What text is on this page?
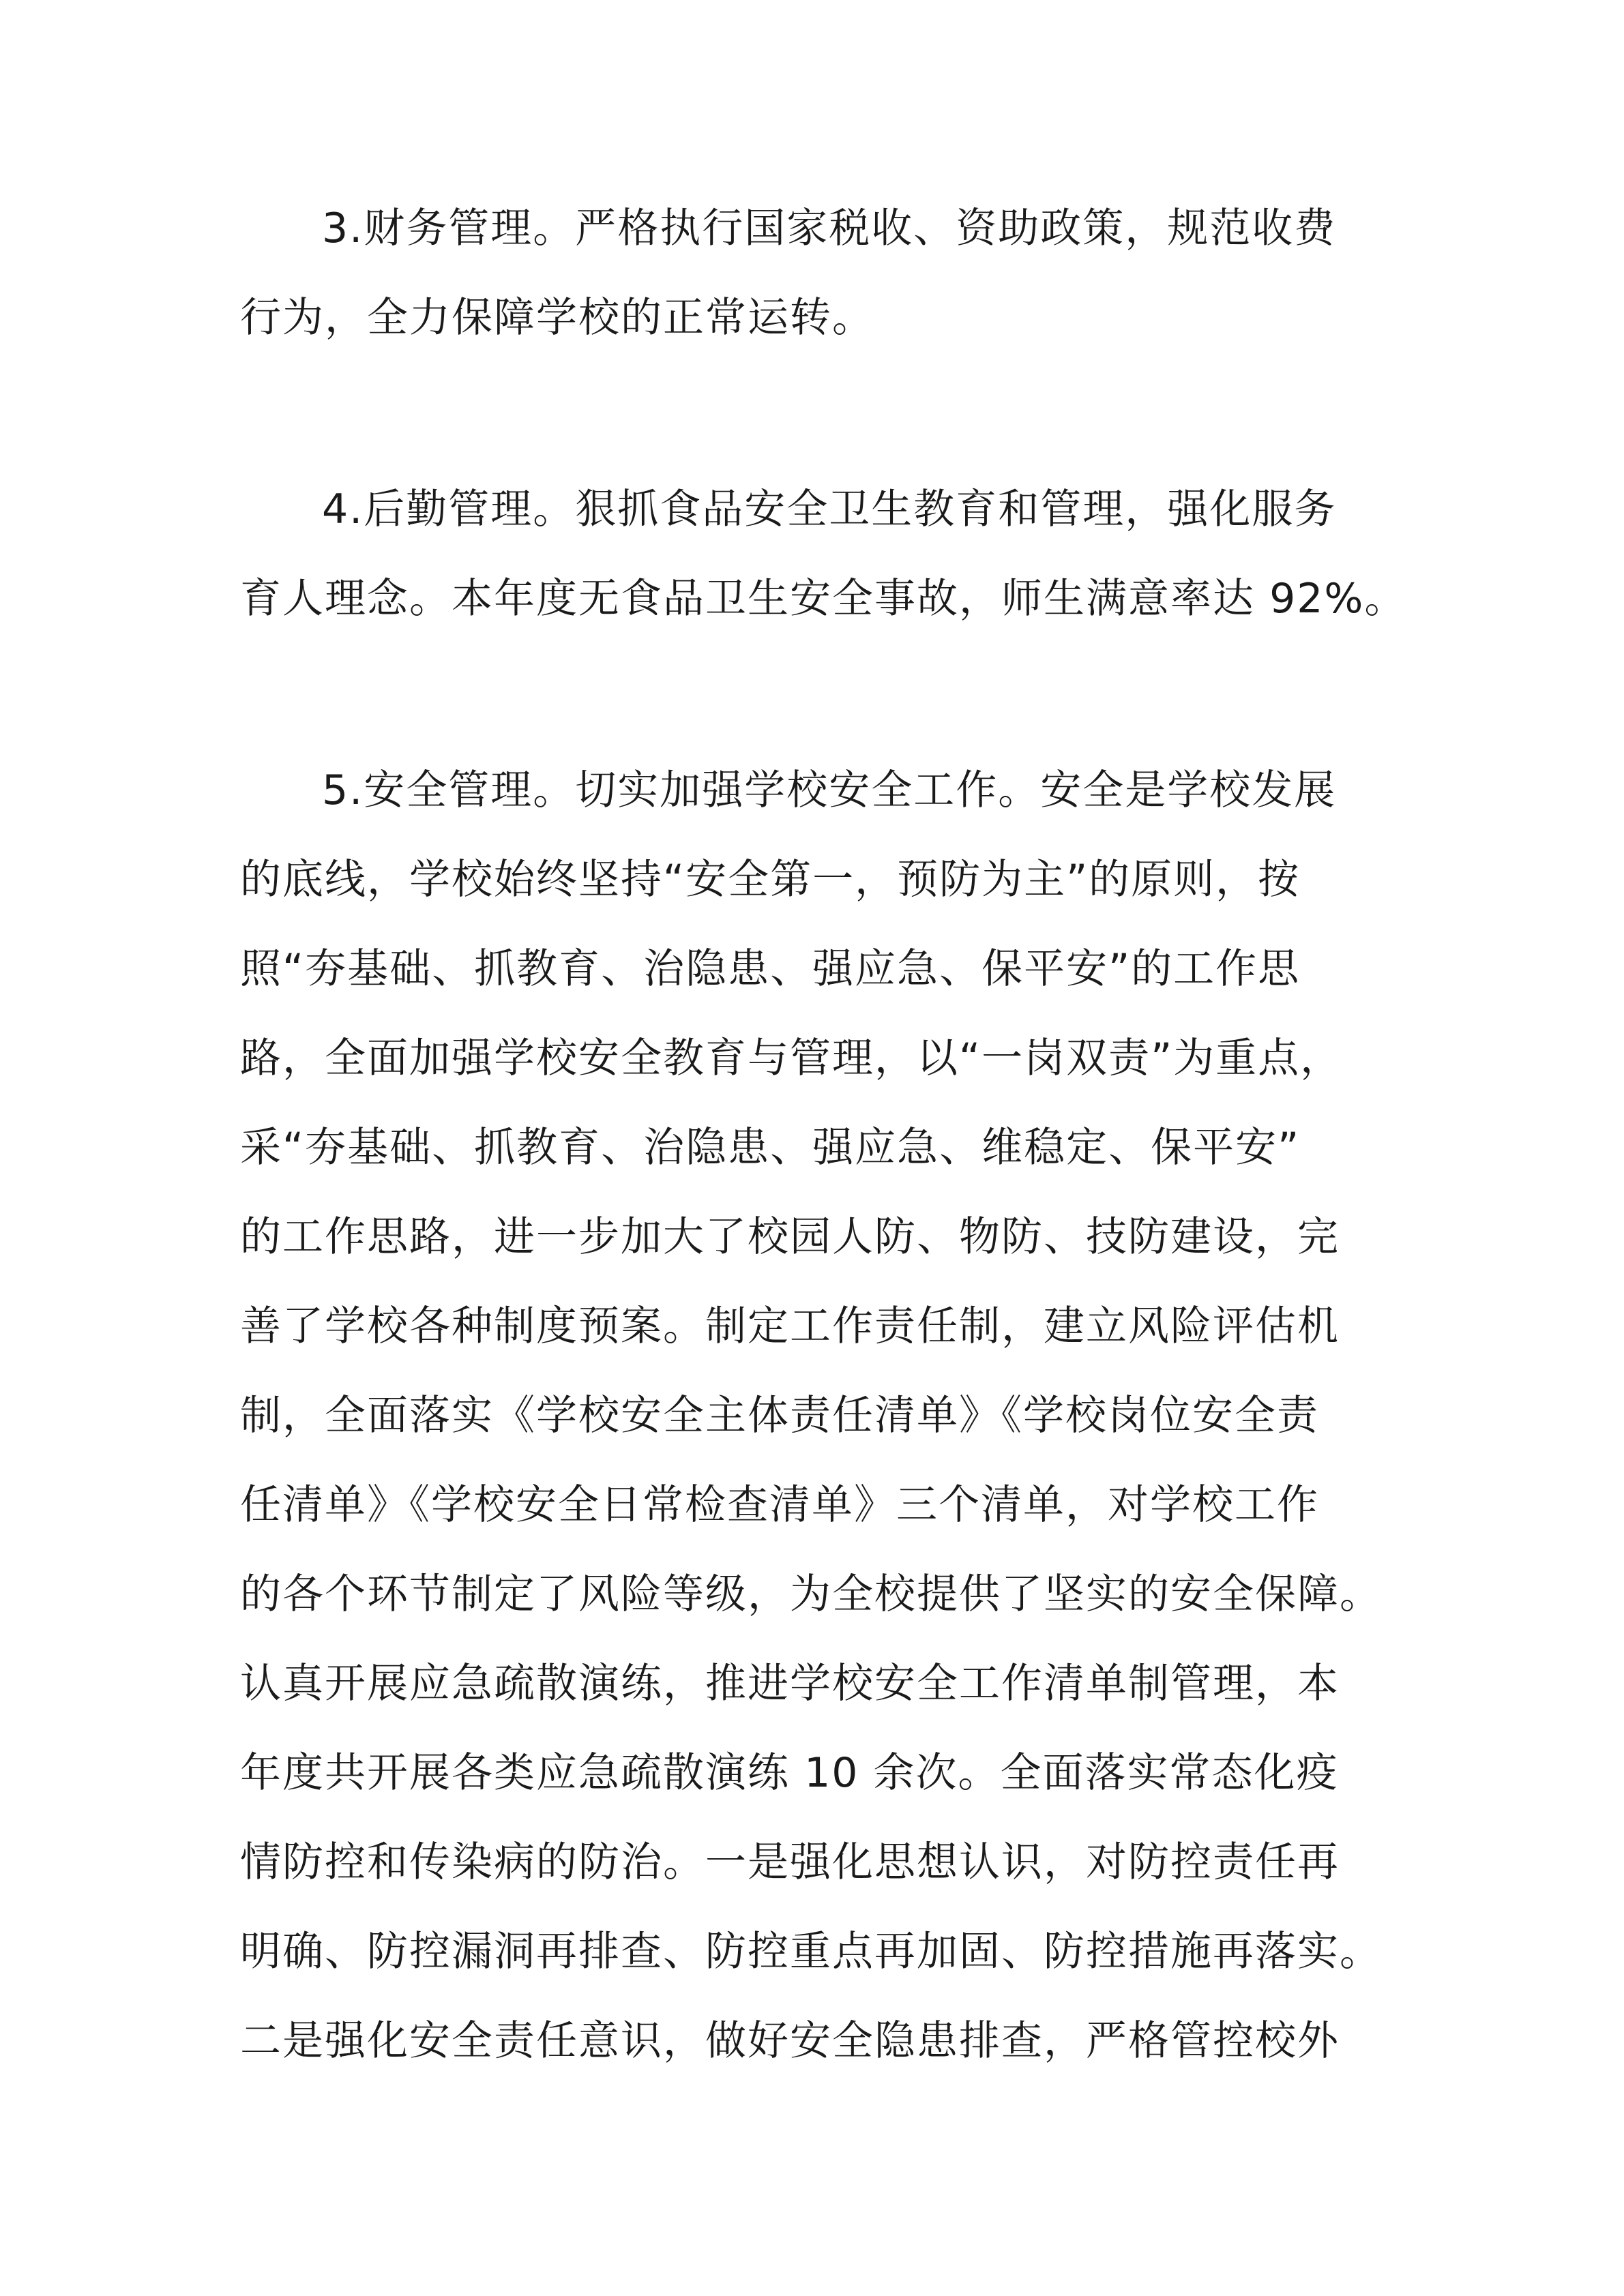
3.财务管理。严格执行国家税收、资助政策，规范收费
行为，全力保障学校的正常运转。
4.后勤管理。狠抓食品安全卫生教育和管理，强化服务
育人理念。本年度无食品卫生安全事故，师生满意率达 92%。
5.安全管理。切实加强学校安全工作。安全是学校发展
的底线，学校始终坚持“安全第一，预防为主”的原则，按
照“夯基础、抓教育、治隐患、强应急、保平安”的工作思
路，全面加强学校安全教育与管理，以“一岗双责”为重点，
采“夯基础、抓教育、治隐患、强应急、维稳定、保平安”
的工作思路，进一步加大了校园人防、物防、技防建设，完
善了学校各种制度预案。制定工作责任制，建立风险评估机
制，全面落实《学校安全主体责任清单》《学校岗位安全责
任清单》《学校安全日常检查清单》三个清单，对学校工作
的各个环节制定了风险等级，为全校提供了坚实的安全保障。
认真开展应急疏散演练，推进学校安全工作清单制管理，本
年度共开展各类应急疏散演练 10 余次。全面落实常态化疫
情防控和传染病的防治。一是强化思想认识，对防控责任再
明确、防控漏洞再排查、防控重点再加固、防控措施再落实。
二是强化安全责任意识，做好安全隐患排查，严格管控校外
